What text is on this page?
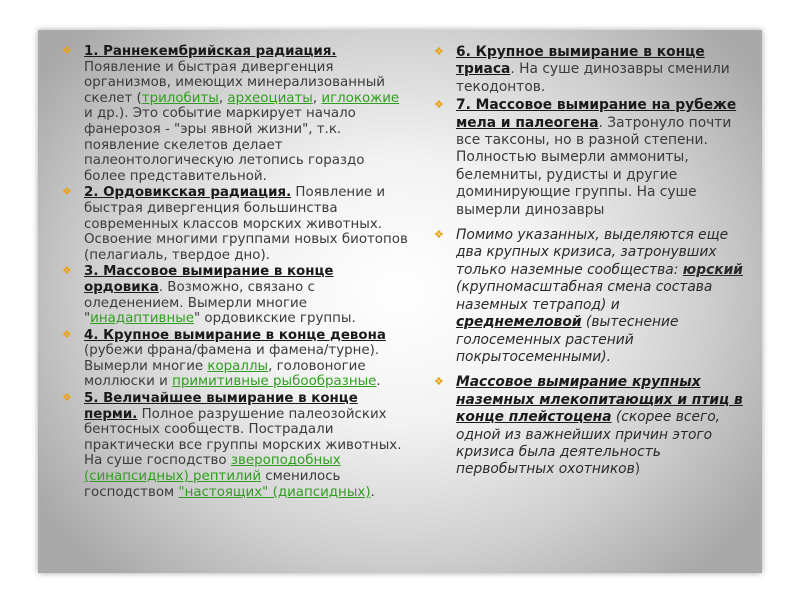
❖ 1. Раннекембрийская радиация. Появление и быстрая дивергенция организмов, имеющих минерализованный скелет (трилобиты, археоциаты, иглокожие и др.). Это событие маркирует начало фанерозоя - "эры явной жизни", т.к. появление скелетов делает палеонтологическую летопись гораздо более представительной.
❖ 2. Ордовикская радиация. Появление и быстрая дивергенция большинства современных классов морских животных. Освоение многими группами новых биотопов (пелагиаль, твердое дно).
❖ 3. Массовое вымирание в конце ордовика. Возможно, связано с оледенением. Вымерли многие "инадаптивные" ордовикские группы.
❖ 4. Крупное вымирание в конце девона (рубежи франа/фамена и фамена/турне). Вымерли многие кораллы, головоногие моллюски и примитивные рыбообразные.
❖ 5. Величайшее вымирание в конце перми. Полное разрушение палеозойских бентосных сообществ. Пострадали практически все группы морских животных. На суше господство звероподобных (синапсидных) рептилий сменилось господством "настоящих" (диапсидных).
❖ 6. Крупное вымирание в конце триаса. На суше динозавры сменили текодонтов.
❖ 7. Массовое вымирание на рубеже мела и палеогена. Затронуло почти все таксоны, но в разной степени. Полностью вымерли аммониты, белемниты, рудисты и другие доминирующие группы. На суше вымерли динозавры
❖ Помимо указанных, выделяются еще два крупных кризиса, затронувших только наземные сообщества: юрский (крупномасштабная смена состава наземных тетрапод) и среднемеловой (вытеснение голосеменных растений покрытосеменными).
❖ Массовое вымирание крупных наземных млекопитающих и птиц в конце плейстоцена (скорее всего, одной из важнейших причин этого кризиса была деятельность первобытных охотников)
